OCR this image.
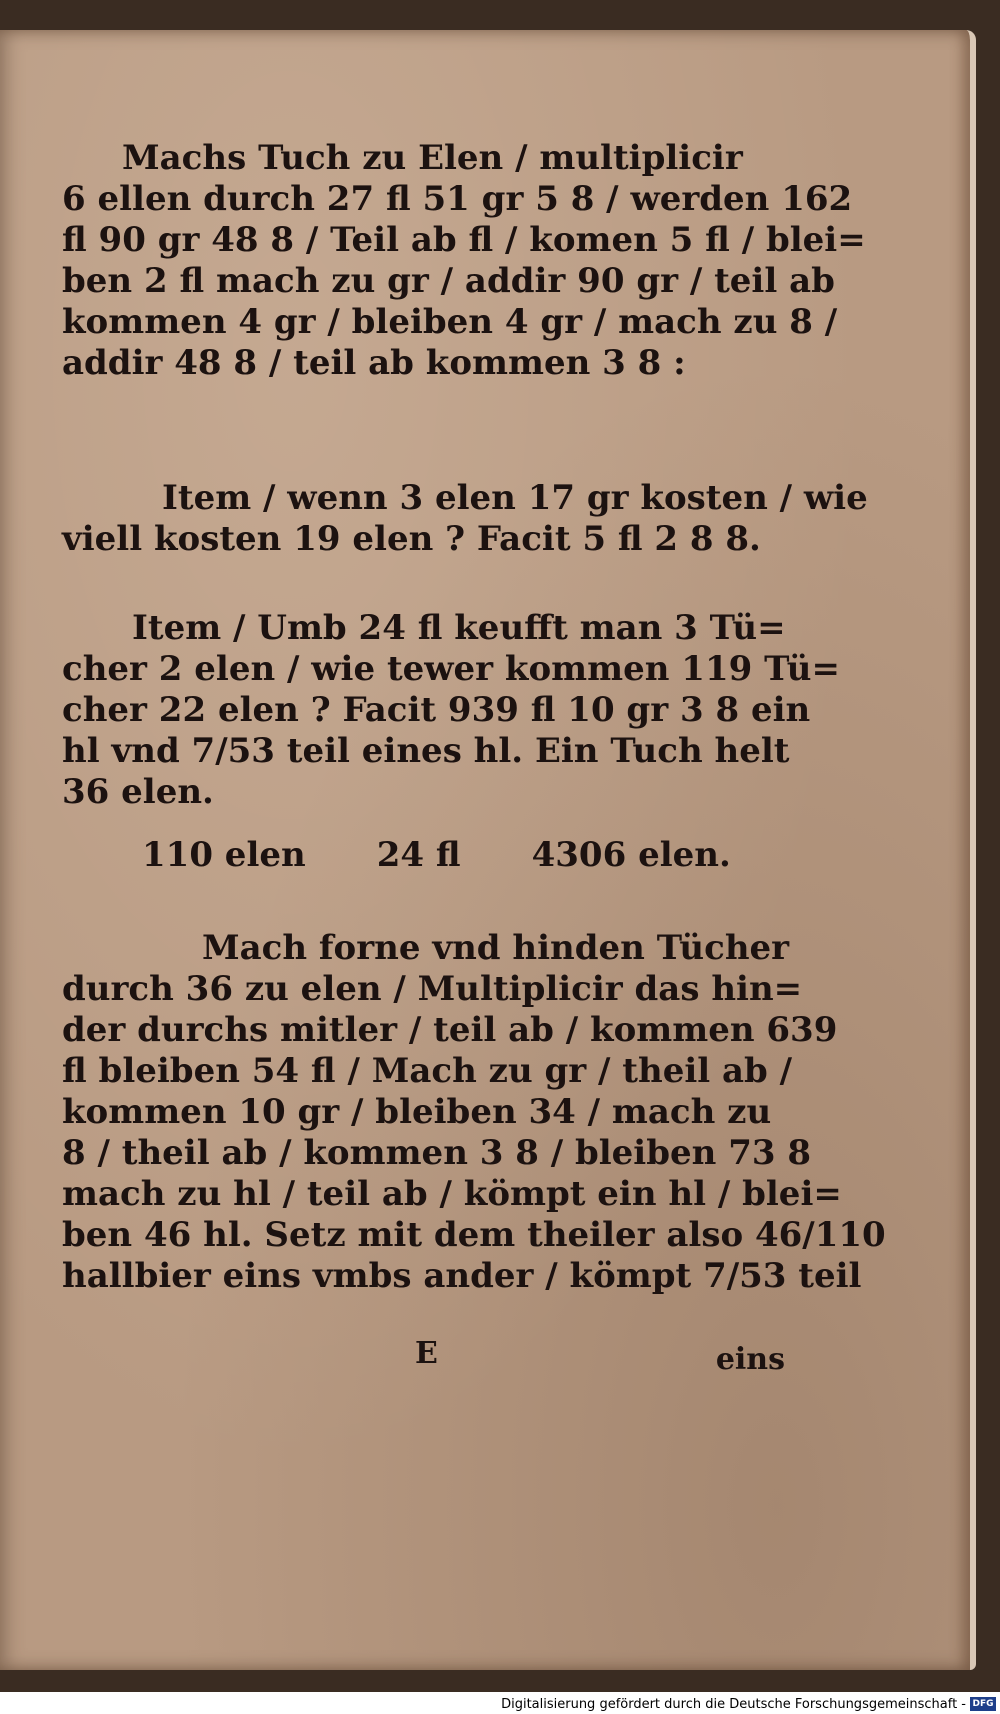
Machs Tuch zu Elen / multiplicir
6 ellen durch 27 fl 51 gr 5 8 / werden 162
fl 90 gr 48 8 / Teil ab fl / komen 5 fl / blei=
ben 2 fl mach zu gr / addir 90 gr / teil ab
kommen 4 gr / bleiben 4 gr / mach zu 8 /
addir 48 8 / teil ab kommen 3 8 :
Item / wenn 3 elen 17 gr kosten / wie
viell kosten 19 elen ? Facit 5 fl 2 8 8.
Item / Umb 24 fl keufft man 3 Tü=
cher 2 elen / wie tewer kommen 119 Tü=
cher 22 elen ? Facit 939 fl 10 gr 3 8 ein
hl vnd 7/53 teil eines hl. Ein Tuch helt
36 elen.
110 elen      24 fl      4306 elen.
Mach forne vnd hinden Tücher
durch 36 zu elen / Multiplicir das hin=
der durchs mitler / teil ab / kommen 639
fl bleiben 54 fl / Mach zu gr / theil ab /
kommen 10 gr / bleiben 34 / mach zu
8 / theil ab / kommen 3 8 / bleiben 73 8
mach zu hl / teil ab / kömpt ein hl / blei=
ben 46 hl. Setz mit dem theiler also 46/110
hallbier eins vmbs ander / kömpt 7/53 teil
E	eins
Digitalisierung gefördert durch die Deutsche Forschungsgemeinschaft - DFG
